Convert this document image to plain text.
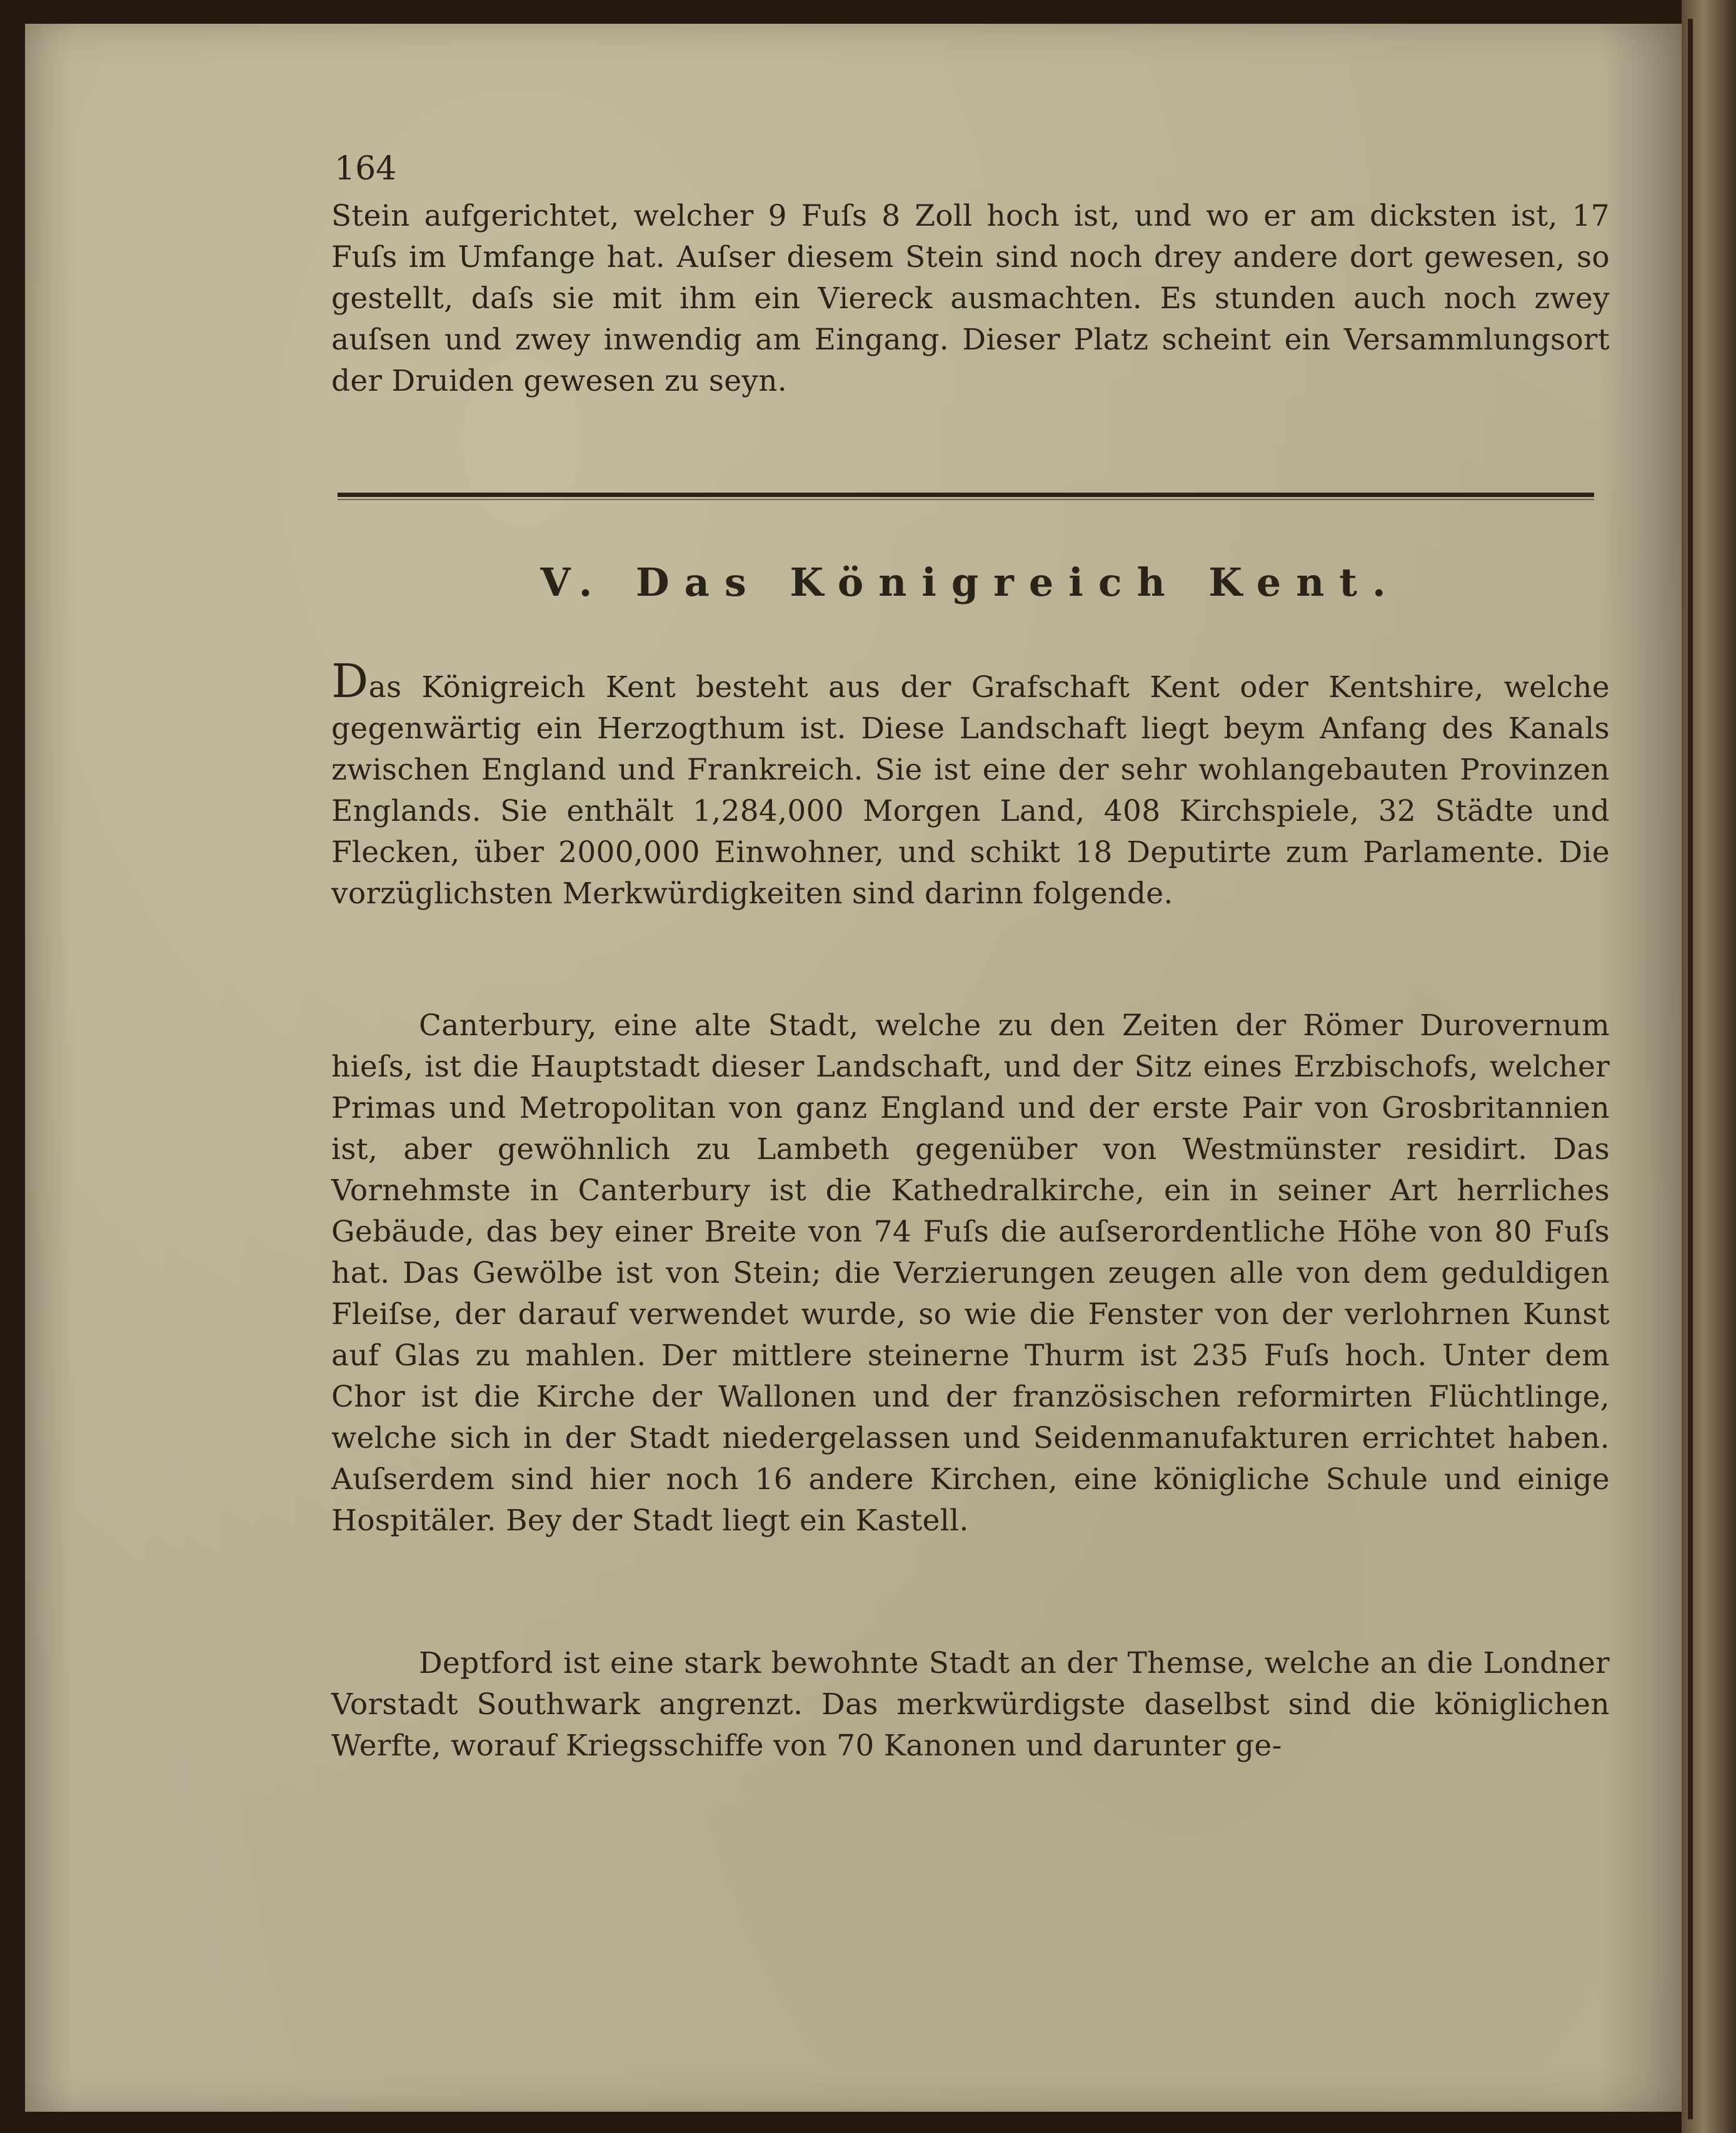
164

Stein aufgerichtet, welcher 9 Fuſs 8 Zoll hoch ist, und wo er am dicksten ist, 17 Fuſs im Umfange hat. Auſser diesem Stein sind noch drey andere dort gewesen, so gestellt, daſs sie mit ihm ein Viereck ausmachten. Es stunden auch noch zwey auſsen und zwey inwendig am Eingang. Dieser Platz scheint ein Versammlungsort der Druiden gewesen zu seyn.

V. Das Königreich Kent.

Das Königreich Kent besteht aus der Grafschaft Kent oder Kentshire, welche gegenwärtig ein Herzogthum ist. Diese Landschaft liegt beym Anfang des Kanals zwischen England und Frankreich. Sie ist eine der sehr wohlangebauten Provinzen Englands. Sie enthält 1,284,000 Morgen Land, 408 Kirchspiele, 32 Städte und Flecken, über 2000,000 Einwohner, und schikt 18 Deputirte zum Parlamente. Die vorzüglichsten Merkwürdigkeiten sind darinn folgende.

Canterbury, eine alte Stadt, welche zu den Zeiten der Römer Durovernum hieſs, ist die Hauptstadt dieser Landschaft, und der Sitz eines Erzbischofs, welcher Primas und Metropolitan von ganz England und der erste Pair von Grosbritannien ist, aber gewöhnlich zu Lambeth gegenüber von Westmünster residirt. Das Vornehmste in Canterbury ist die Kathedralkirche, ein in seiner Art herrliches Gebäude, das bey einer Breite von 74 Fuſs die auſserordentliche Höhe von 80 Fuſs hat. Das Gewölbe ist von Stein; die Verzierungen zeugen alle von dem geduldigen Fleiſse, der darauf verwendet wurde, so wie die Fenster von der verlohrnen Kunst auf Glas zu mahlen. Der mittlere steinerne Thurm ist 235 Fuſs hoch. Unter dem Chor ist die Kirche der Wallonen und der französischen reformirten Flüchtlinge, welche sich in der Stadt niedergelassen und Seidenmanufakturen errichtet haben. Auſserdem sind hier noch 16 andere Kirchen, eine königliche Schule und einige Hospitäler. Bey der Stadt liegt ein Kastell.

Deptford ist eine stark bewohnte Stadt an der Themse, welche an die Londner Vorstadt Southwark angrenzt. Das merkwürdigste daselbst sind die königlichen Werfte, worauf Kriegsschiffe von 70 Kanonen und darunter ge-
